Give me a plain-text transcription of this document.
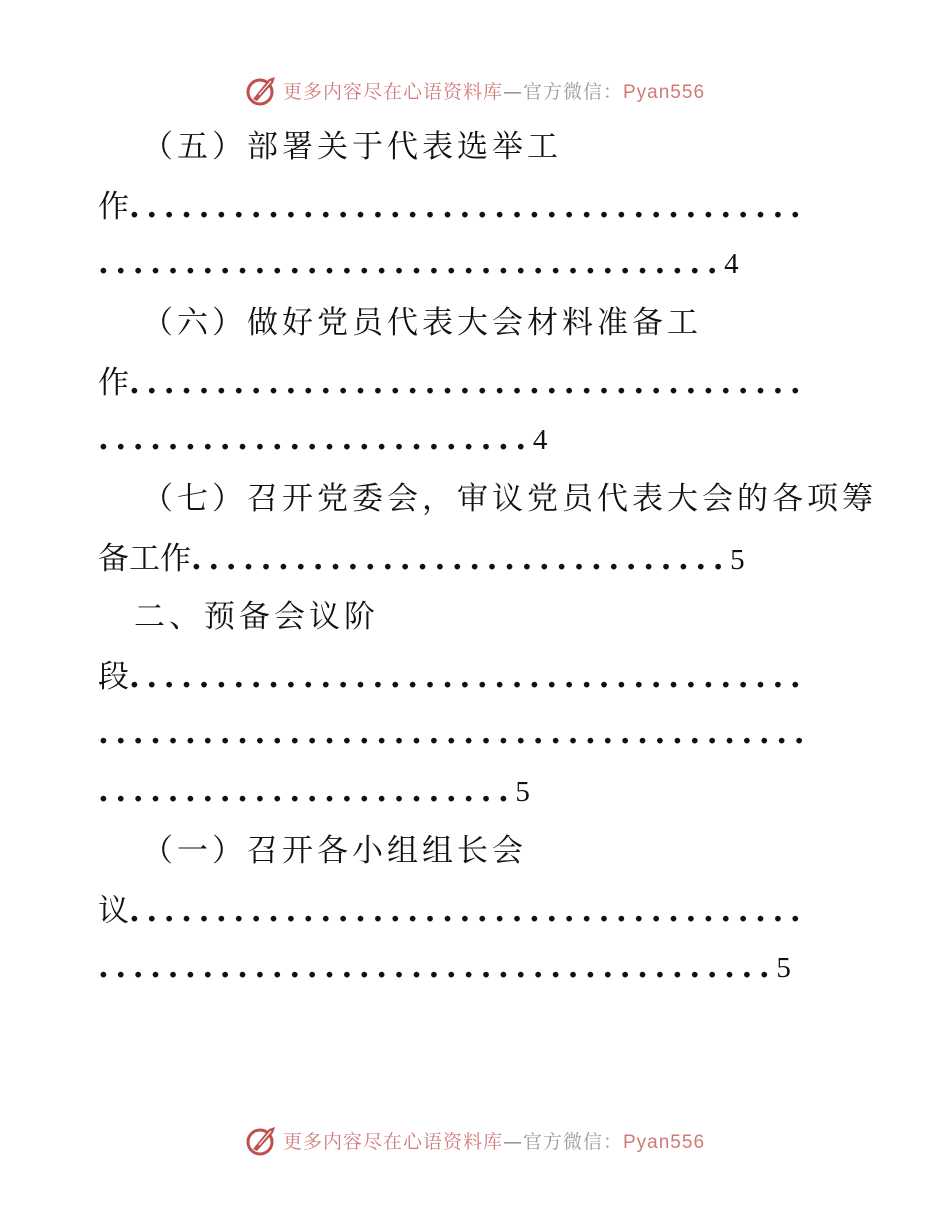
更多内容尽在心语资料库—官方微信：Pyan556
（五）部署关于代表选举工
作.......................................
....................................4
（六）做好党员代表大会材料准备工
作.......................................
.........................4
（七）召开党委会，审议党员代表大会的各项筹
备工作...............................5
二、预备会议阶
段.......................................
.........................................
........................5
（一）召开各小组组长会
议.......................................
.......................................5
更多内容尽在心语资料库—官方微信：Pyan556
